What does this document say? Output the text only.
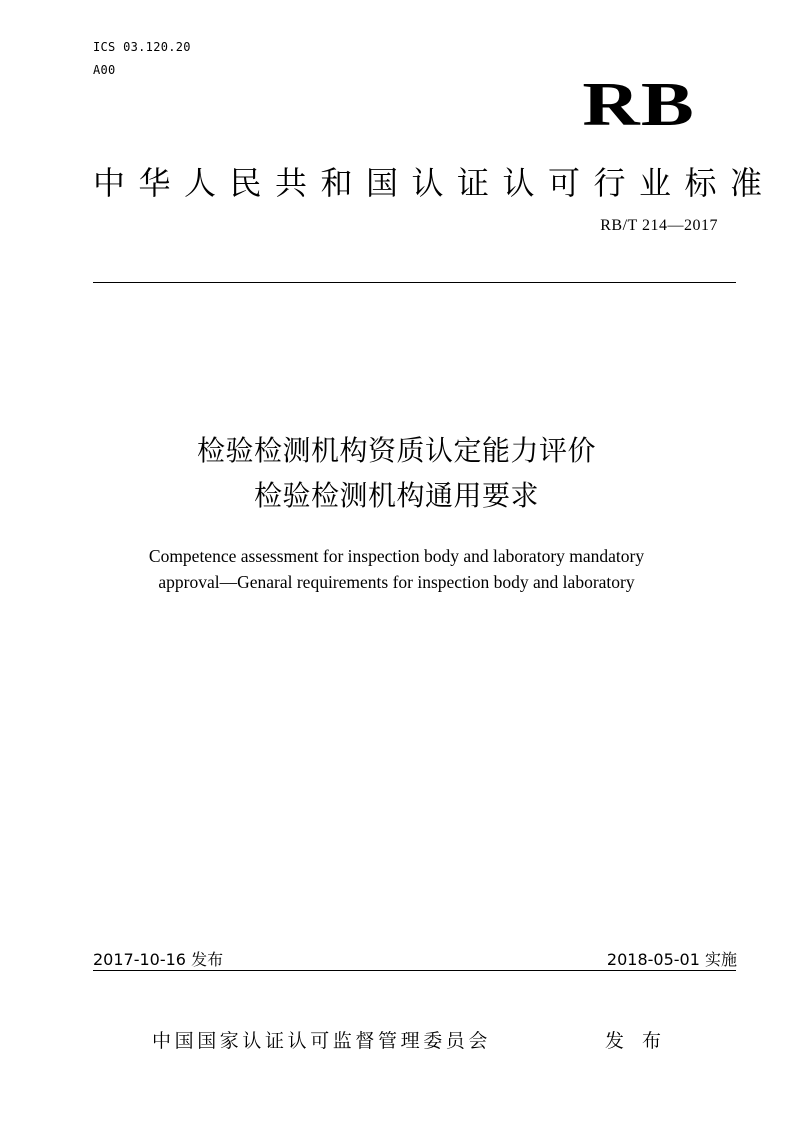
ICS 03.120.20
A00
RB
中华人民共和国认证认可行业标准
RB/T 214—2017
检验检测机构资质认定能力评价
检验检测机构通用要求
Competence assessment for inspection body and laboratory mandatory
approval—Genaral requirements for inspection body and laboratory
2017-10-16 发布	2018-05-01 实施
中国国家认证认可监督管理委员会	发 布
